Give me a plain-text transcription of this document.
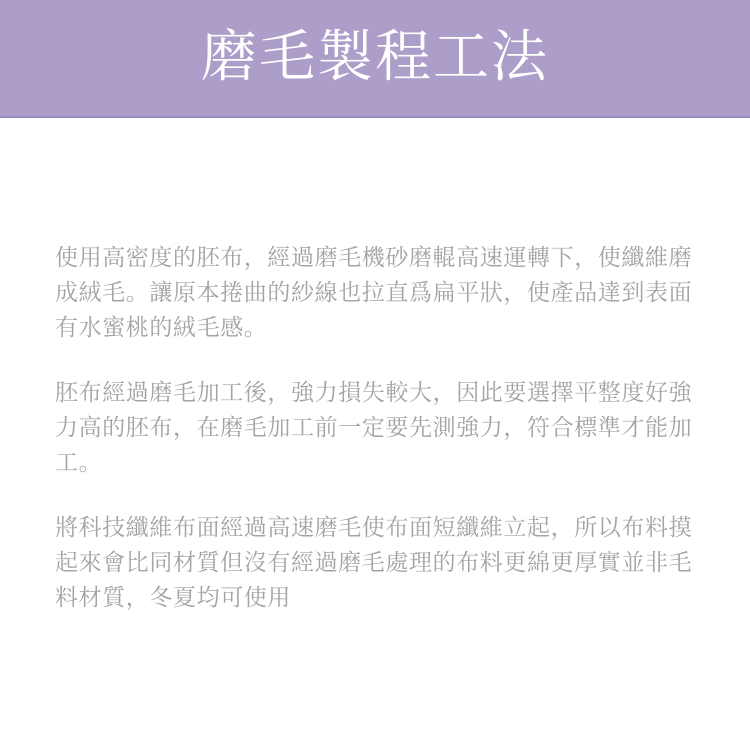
磨毛製程工法

使用高密度的胚布，經過磨毛機砂磨輥高速運轉下，使纖維磨成絨毛。讓原本捲曲的紗線也拉直爲扁平狀，使產品達到表面有水蜜桃的絨毛感。

胚布經過磨毛加工後，強力損失較大，因此要選擇平整度好強力高的胚布，在磨毛加工前一定要先測強力，符合標準才能加工。

將科技纖維布面經過高速磨毛使布面短纖維立起，所以布料摸起來會比同材質但沒有經過磨毛處理的布料更綿更厚實並非毛料材質，冬夏均可使用
